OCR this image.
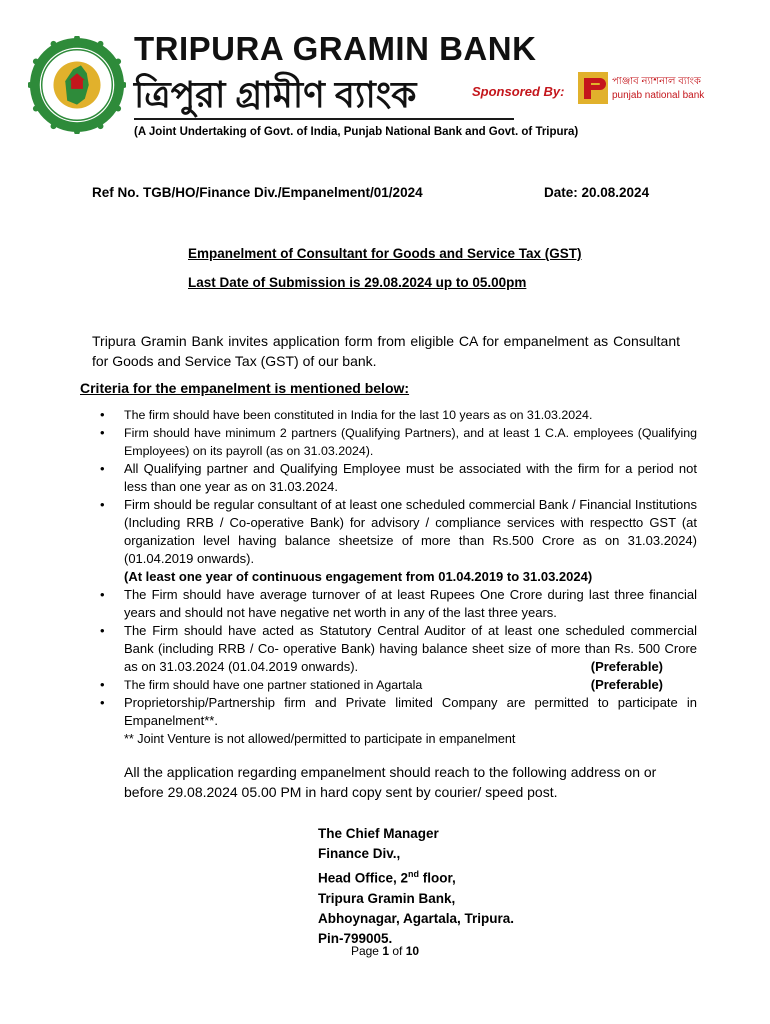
TRIPURA GRAMIN BANK
ত্রিপুরা গ্রামীণ ব্যাংক	Sponsored By:
পাঞ্জাব ন্যাশনাল ব্যাংক
punjab national bank
(A Joint Undertaking of Govt. of India, Punjab National Bank and Govt. of Tripura)
Ref No. TGB/HO/Finance Div./Empanelment/01/2024	Date: 20.08.2024
Empanelment of Consultant for Goods and Service Tax (GST)
Last Date of Submission is 29.08.2024 up to 05.00pm
Tripura Gramin Bank invites application form from eligible CA for empanelment as Consultant for Goods and Service Tax (GST) of our bank.
Criteria for the empanelment is mentioned below:
• The firm should have been constituted in India for the last 10 years as on 31.03.2024.
• Firm should have minimum 2 partners (Qualifying Partners), and at least 1 C.A. employees (Qualifying Employees) on its payroll (as on 31.03.2024).
• All Qualifying partner and Qualifying Employee must be associated with the firm for a period not less than one year as on 31.03.2024.
• Firm should be regular consultant of at least one scheduled commercial Bank / Financial Institutions (Including RRB / Co-operative Bank) for advisory / compliance services with respectto GST (at organization level having balance sheetsize of more than Rs.500 Crore as on 31.03.2024) (01.04.2019 onwards).
(At least one year of continuous engagement from 01.04.2019 to 31.03.2024)
• The Firm should have average turnover of at least Rupees One Crore during last three financial years and should not have negative net worth in any of the last three years.
• The Firm should have acted as Statutory Central Auditor of at least one scheduled commercial Bank (including RRB / Co- operative Bank) having balance sheet size of more than Rs. 500 Crore as on 31.03.2024 (01.04.2019 onwards).	(Preferable)
• The firm should have one partner stationed in Agartala	(Preferable)
• Proprietorship/Partnership firm and Private limited Company are permitted to participate in Empanelment**.
** Joint Venture is not allowed/permitted to participate in empanelment
All the application regarding empanelment should reach to the following address on or before 29.08.2024 05.00 PM in hard copy sent by courier/ speed post.
The Chief Manager
Finance Div.,
Head Office, 2nd floor,
Tripura Gramin Bank,
Abhoynagar, Agartala, Tripura.
Pin-799005.
Page 1 of 10
